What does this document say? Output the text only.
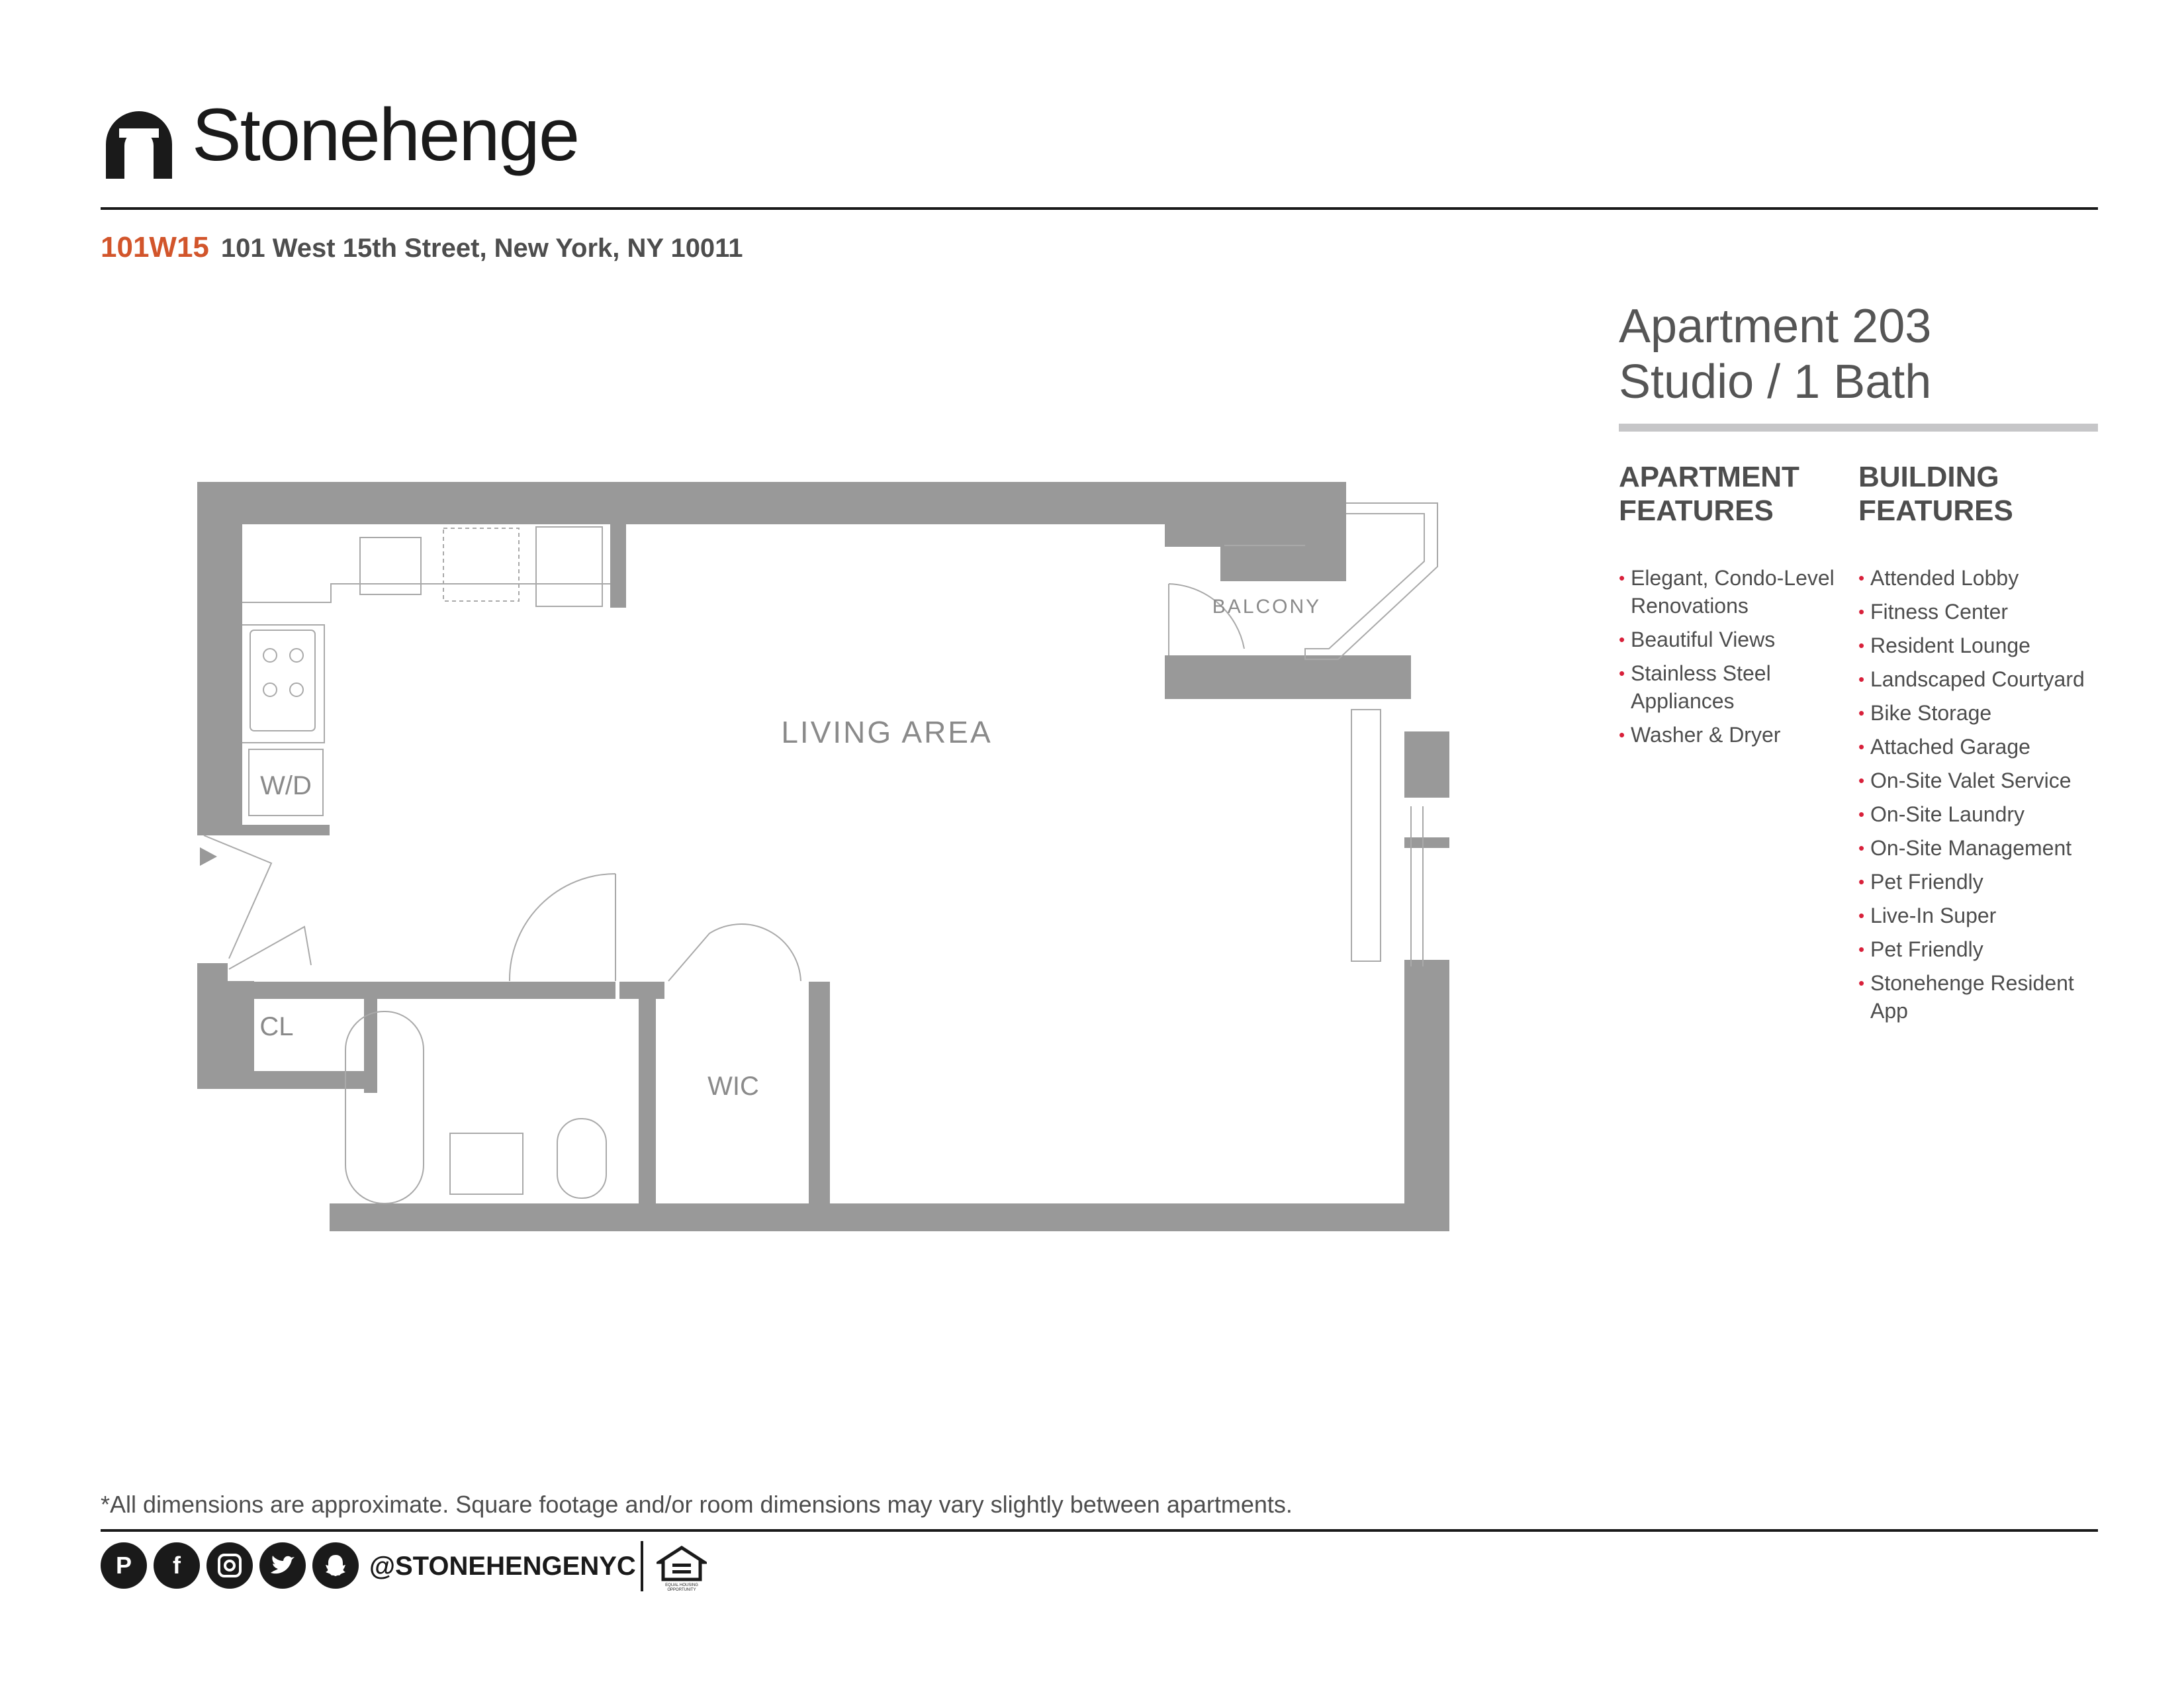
Stonehenge
101W15 101 West 15th Street, New York, NY 10011
Apartment 203
Studio / 1 Bath
APARTMENT
FEATURES
BUILDING
FEATURES
• Elegant, Condo-Level Renovations
• Beautiful Views
• Stainless Steel Appliances
• Washer & Dryer
• Attended Lobby
• Fitness Center
• Resident Lounge
• Landscaped Courtyard
• Bike Storage
• Attached Garage
• On-Site Valet Service
• On-Site Laundry
• On-Site Management
• Pet Friendly
• Live-In Super
• Pet Friendly
• Stonehenge Resident App
LIVING AREA
BALCONY
W/D
CL
WIC
*All dimensions are approximate. Square footage and/or room dimensions may vary slightly between apartments.
P	f	@STONEHENGENYC
EQUAL HOUSING
OPPORTUNITY
